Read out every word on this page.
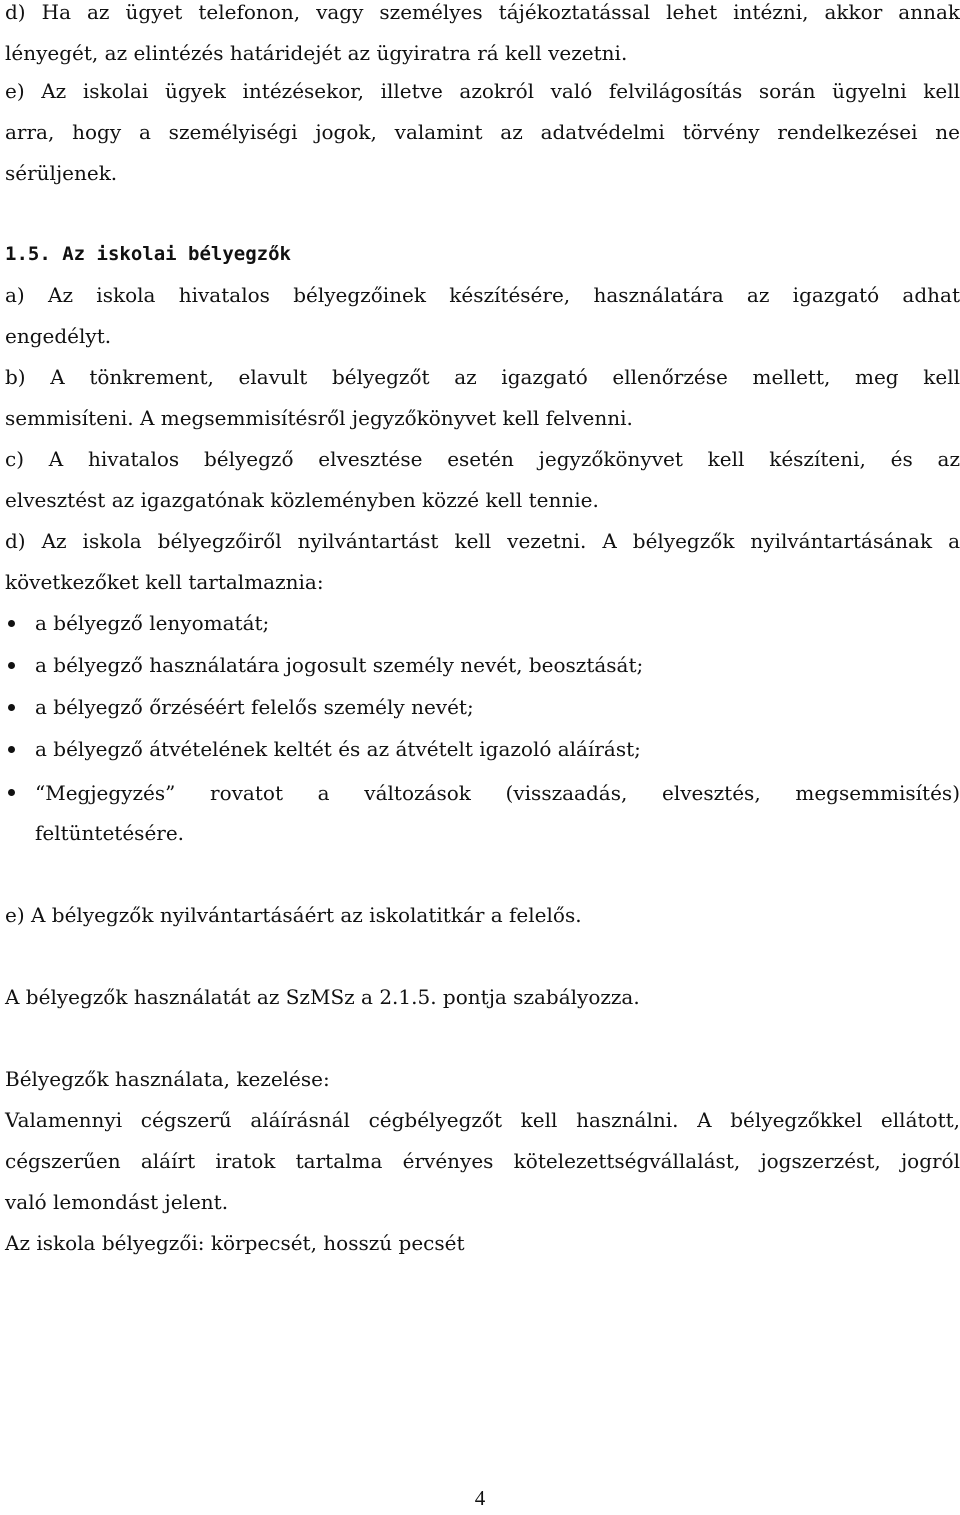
d) Ha az ügyet telefonon, vagy személyes tájékoztatással lehet intézni, akkor annak
lényegét, az elintézés határidejét az ügyiratra rá kell vezetni.
e) Az iskolai ügyek intézésekor, illetve azokról való felvilágosítás során ügyelni kell
arra, hogy a személyiségi jogok, valamint az adatvédelmi törvény rendelkezései ne
sérüljenek.
1.5. Az iskolai bélyegzők
a) Az iskola hivatalos bélyegzőinek készítésére, használatára az igazgató adhat
engedélyt.
b) A tönkrement, elavult bélyegzőt az igazgató ellenőrzése mellett, meg kell
semmisíteni. A megsemmisítésről jegyzőkönyvet kell felvenni.
c) A hivatalos bélyegző elvesztése esetén jegyzőkönyvet kell készíteni, és az
elvesztést az igazgatónak közleményben közzé kell tennie.
d) Az iskola bélyegzőiről nyilvántartást kell vezetni. A bélyegzők nyilvántartásának a
következőket kell tartalmaznia:
a bélyegző lenyomatát;
a bélyegző használatára jogosult személy nevét, beosztását;
a bélyegző őrzéséért felelős személy nevét;
a bélyegző átvételének keltét és az átvételt igazoló aláírást;
“Megjegyzés” rovatot a változások (visszaadás, elvesztés, megsemmisítés)
feltüntetésére.
e) A bélyegzők nyilvántartásáért az iskolatitkár a felelős.
A bélyegzők használatát az SzMSz a 2.1.5. pontja szabályozza.
Bélyegzők használata, kezelése:
Valamennyi cégszerű aláírásnál cégbélyegzőt kell használni. A bélyegzőkkel ellátott,
cégszerűen aláírt iratok tartalma érvényes kötelezettségvállalást, jogszerzést, jogról
való lemondást jelent.
Az iskola bélyegzői: körpecsét, hosszú pecsét
4
